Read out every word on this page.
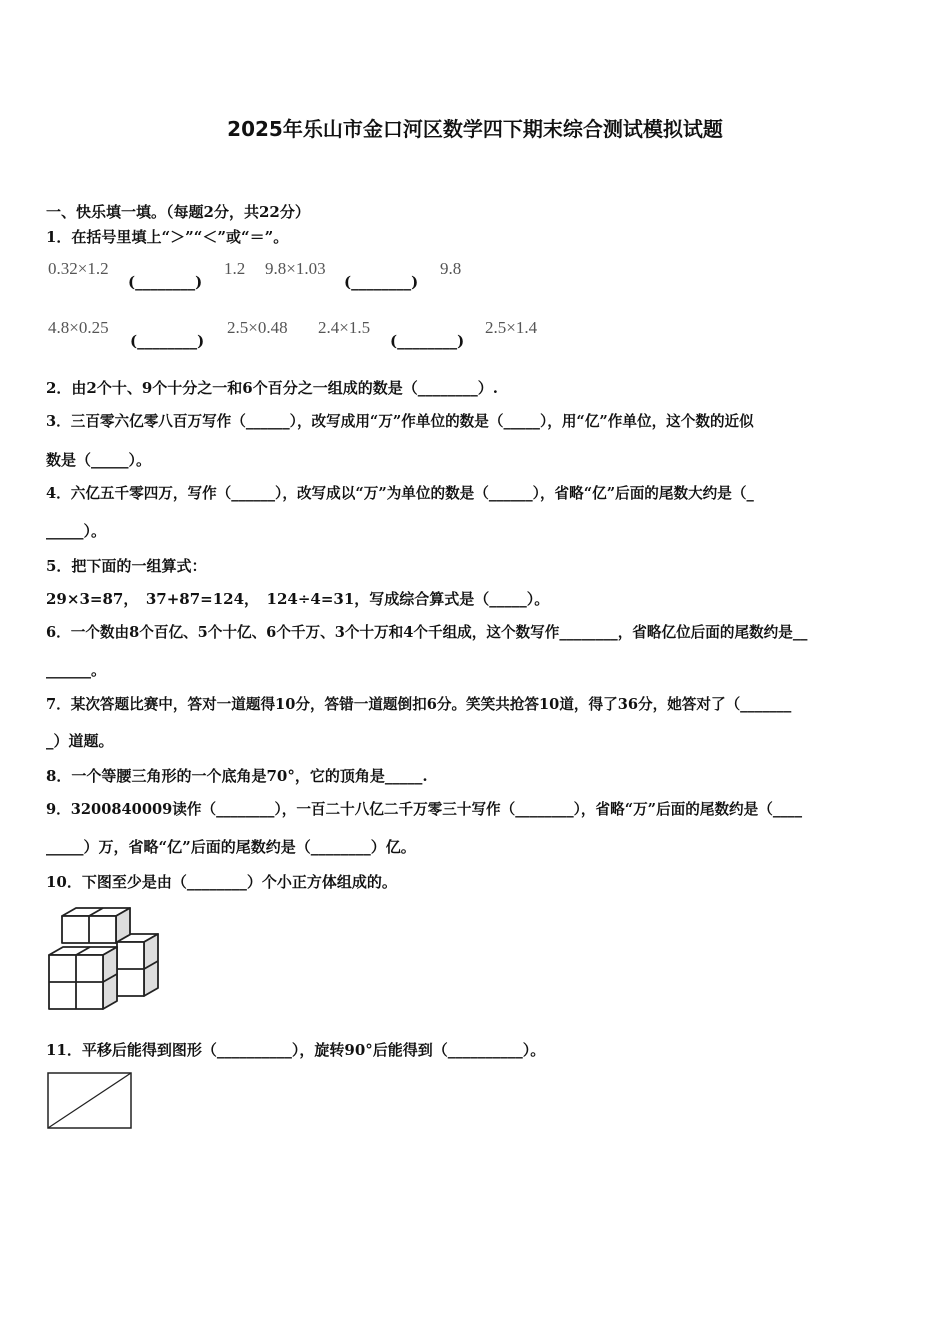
2025年乐山市金口河区数学四下期末综合测试模拟试题
一、快乐填一填。（每题2分，共22分）
1．在括号里填上“＞”“＜”或“＝”。
0.32×1.2
(________)
1.2 9.8×1.03
(________)
9.8
4.8×0.25
(________)
2.5×0.48 2.4×1.5
(________)
2.5×1.4
2．由2个十、9个十分之一和6个百分之一组成的数是（________）.
3．三百零六亿零八百万写作（______），改写成用“万”作单位的数是（_____），用“亿”作单位，这个数的近似
数是（_____）。
4．六亿五千零四万，写作（______），改写成以“万”为单位的数是（______），省略“亿”后面的尾数大约是（_
_____）。
5．把下面的一组算式：
29×3=87，　37+87=124，　124÷4=31，写成综合算式是（_____）。
6．一个数由8个百亿、5个十亿、6个千万、3个十万和4个千组成，这个数写作________，省略亿位后面的尾数约是__
______。
7．某次答题比赛中，答对一道题得10分，答错一道题倒扣6分。笑笑共抢答10道，得了36分，她答对了（_______
_）道题。
8．一个等腰三角形的一个底角是70°，它的顶角是_____.
9．3200840009读作（________），一百二十八亿二千万零三十写作（________），省略“万”后面的尾数约是（____
_____）万，省略“亿”后面的尾数约是（________）亿。
10．下图至少是由（________）个小正方体组成的。
11．平移后能得到图形（__________），旋转90°后能得到（__________）。
